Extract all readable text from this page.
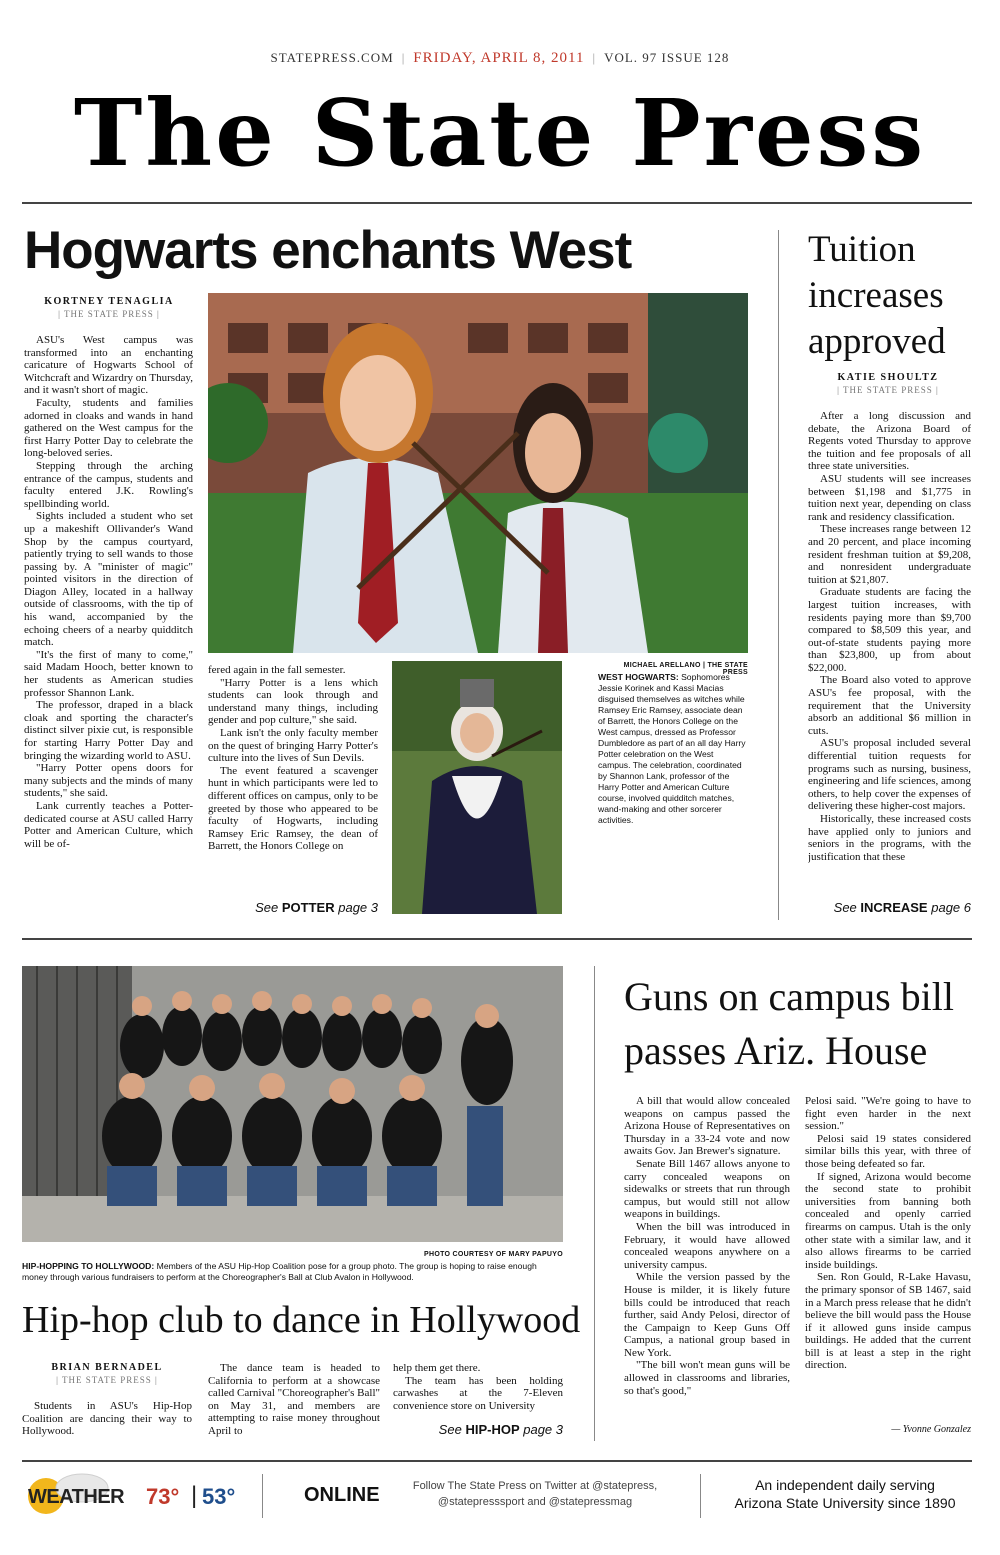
STATEPRESS.COM | FRIDAY, APRIL 8, 2011 | VOL. 97 ISSUE 128
The State Press
Hogwarts enchants West
KORTNEY TENAGLIA
| THE STATE PRESS |

ASU's West campus was transformed into an enchanting caricature of Hogwarts School of Witchcraft and Wizardry on Thursday, and it wasn't short of magic.

Faculty, students and families adorned in cloaks and wands in hand gathered on the West campus for the first Harry Potter Day to celebrate the long-beloved series.

Stepping through the arching entrance of the campus, students and faculty entered J.K. Rowling's spellbinding world.

Sights included a student who set up a makeshift Ollivander's Wand Shop by the campus courtyard, patiently trying to sell wands to those passing by. A "minister of magic" pointed visitors in the direction of Diagon Alley, located in a hallway outside of classrooms, with the tip of his wand, accompanied by the echoing cheers of a nearby quidditch match.

"It's the first of many to come," said Madam Hooch, better known to her students as American studies professor Shannon Lank.

The professor, draped in a black cloak and sporting the character's distinct silver pixie cut, is responsible for starting Harry Potter Day and bringing the wizarding world to ASU.

"Harry Potter opens doors for many subjects and the minds of many students," she said.

Lank currently teaches a Potter-dedicated course at ASU called Harry Potter and American Culture, which will be of-

fered again in the fall semester.

"Harry Potter is a lens which students can look through and understand many things, including gender and pop culture," she said.

Lank isn't the only faculty member on the quest of bringing Harry Potter's culture into the lives of Sun Devils.

The event featured a scavenger hunt in which participants were led to different offices on campus, only to be greeted by those who appeared to be faculty of Hogwarts, including Ramsey Eric Ramsey, the dean of Barrett, the Honors College on

See POTTER page 3
MICHAEL ARELLANO | THE STATE PRESS
WEST HOGWARTS: Sophomores Jessie Korinek and Kassi Macias disguised themselves as witches while Ramsey Eric Ramsey, associate dean of Barrett, the Honors College on the West campus, dressed as Professor Dumbledore as part of an all day Harry Potter celebration on the West campus. The celebration, coordinated by Shannon Lank, professor of the Harry Potter and American Culture course, involved quidditch matches, wand-making and other sorcerer activities.
Tuition increases approved
KATIE SHOULTZ
| THE STATE PRESS |

After a long discussion and debate, the Arizona Board of Regents voted Thursday to approve the tuition and fee proposals of all three state universities.

ASU students will see increases between $1,198 and $1,775 in tuition next year, depending on class rank and residency classification.

These increases range between 12 and 20 percent, and place incoming resident freshman tuition at $9,208, and nonresident undergraduate tuition at $21,807.

Graduate students are facing the largest tuition increases, with residents paying more than $9,700 compared to $8,509 this year, and out-of-state students paying more than $23,800, up from about $22,000.

The Board also voted to approve ASU's fee proposal, with the requirement that the University absorb an additional $6 million in cuts.

ASU's proposal included several differential tuition requests for programs such as nursing, business, engineering and life sciences, among others, to help cover the expenses of delivering these higher-cost majors.

Historically, these increased costs have applied only to juniors and seniors in the programs, with the justification that these

See INCREASE page 6
PHOTO COURTESY OF MARY PAPUYO
HIP-HOPPING TO HOLLYWOOD: Members of the ASU Hip-Hop Coalition pose for a group photo. The group is hoping to raise enough money through various fundraisers to perform at the Choreographer's Ball at Club Avalon in Hollywood.
Hip-hop club to dance in Hollywood
BRIAN BERNADEL
| THE STATE PRESS |

Students in ASU's Hip-Hop Coalition are dancing their way to Hollywood.

The dance team is headed to California to perform at a showcase called Carnival "Choreographer's Ball" on May 31, and members are attempting to raise money throughout April to

help them get there.

The team has been holding carwashes at the 7-Eleven convenience store on University

See HIP-HOP page 3
Guns on campus bill
passes Ariz. House

A bill that would allow concealed weapons on campus passed the Arizona House of Representatives on Thursday in a 33-24 vote and now awaits Gov. Jan Brewer's signature.

Senate Bill 1467 allows anyone to carry concealed weapons on sidewalks or streets that run through campus, but would still not allow weapons in buildings.

When the bill was introduced in February, it would have allowed concealed weapons anywhere on a university campus.

While the version passed by the House is milder, it is likely future bills could be introduced that reach further, said Andy Pelosi, director of the Campaign to Keep Guns Off Campus, a national group based in New York.

"The bill won't mean guns will be allowed in classrooms and libraries, so that's good,"

Pelosi said. "We're going to have to fight even harder in the next session."

Pelosi said 19 states considered similar bills this year, with three of those being defeated so far.

If signed, Arizona would become the second state to prohibit universities from banning both concealed and openly carried firearms on campus. Utah is the only other state with a similar law, and it also allows firearms to be carried inside buildings.

Sen. Ron Gould, R-Lake Havasu, the primary sponsor of SB 1467, said in a March press release that he didn't believe the bill would pass the House if it allowed guns inside campus buildings. He added that the current bill is at least a step in the right direction.

— Yvonne Gonzalez
WEATHER 73° | 53°	ONLINE	Follow The State Press on Twitter at @statepress,
@statepresssport and @statepressmag
An independent daily serving
Arizona State University since 1890
